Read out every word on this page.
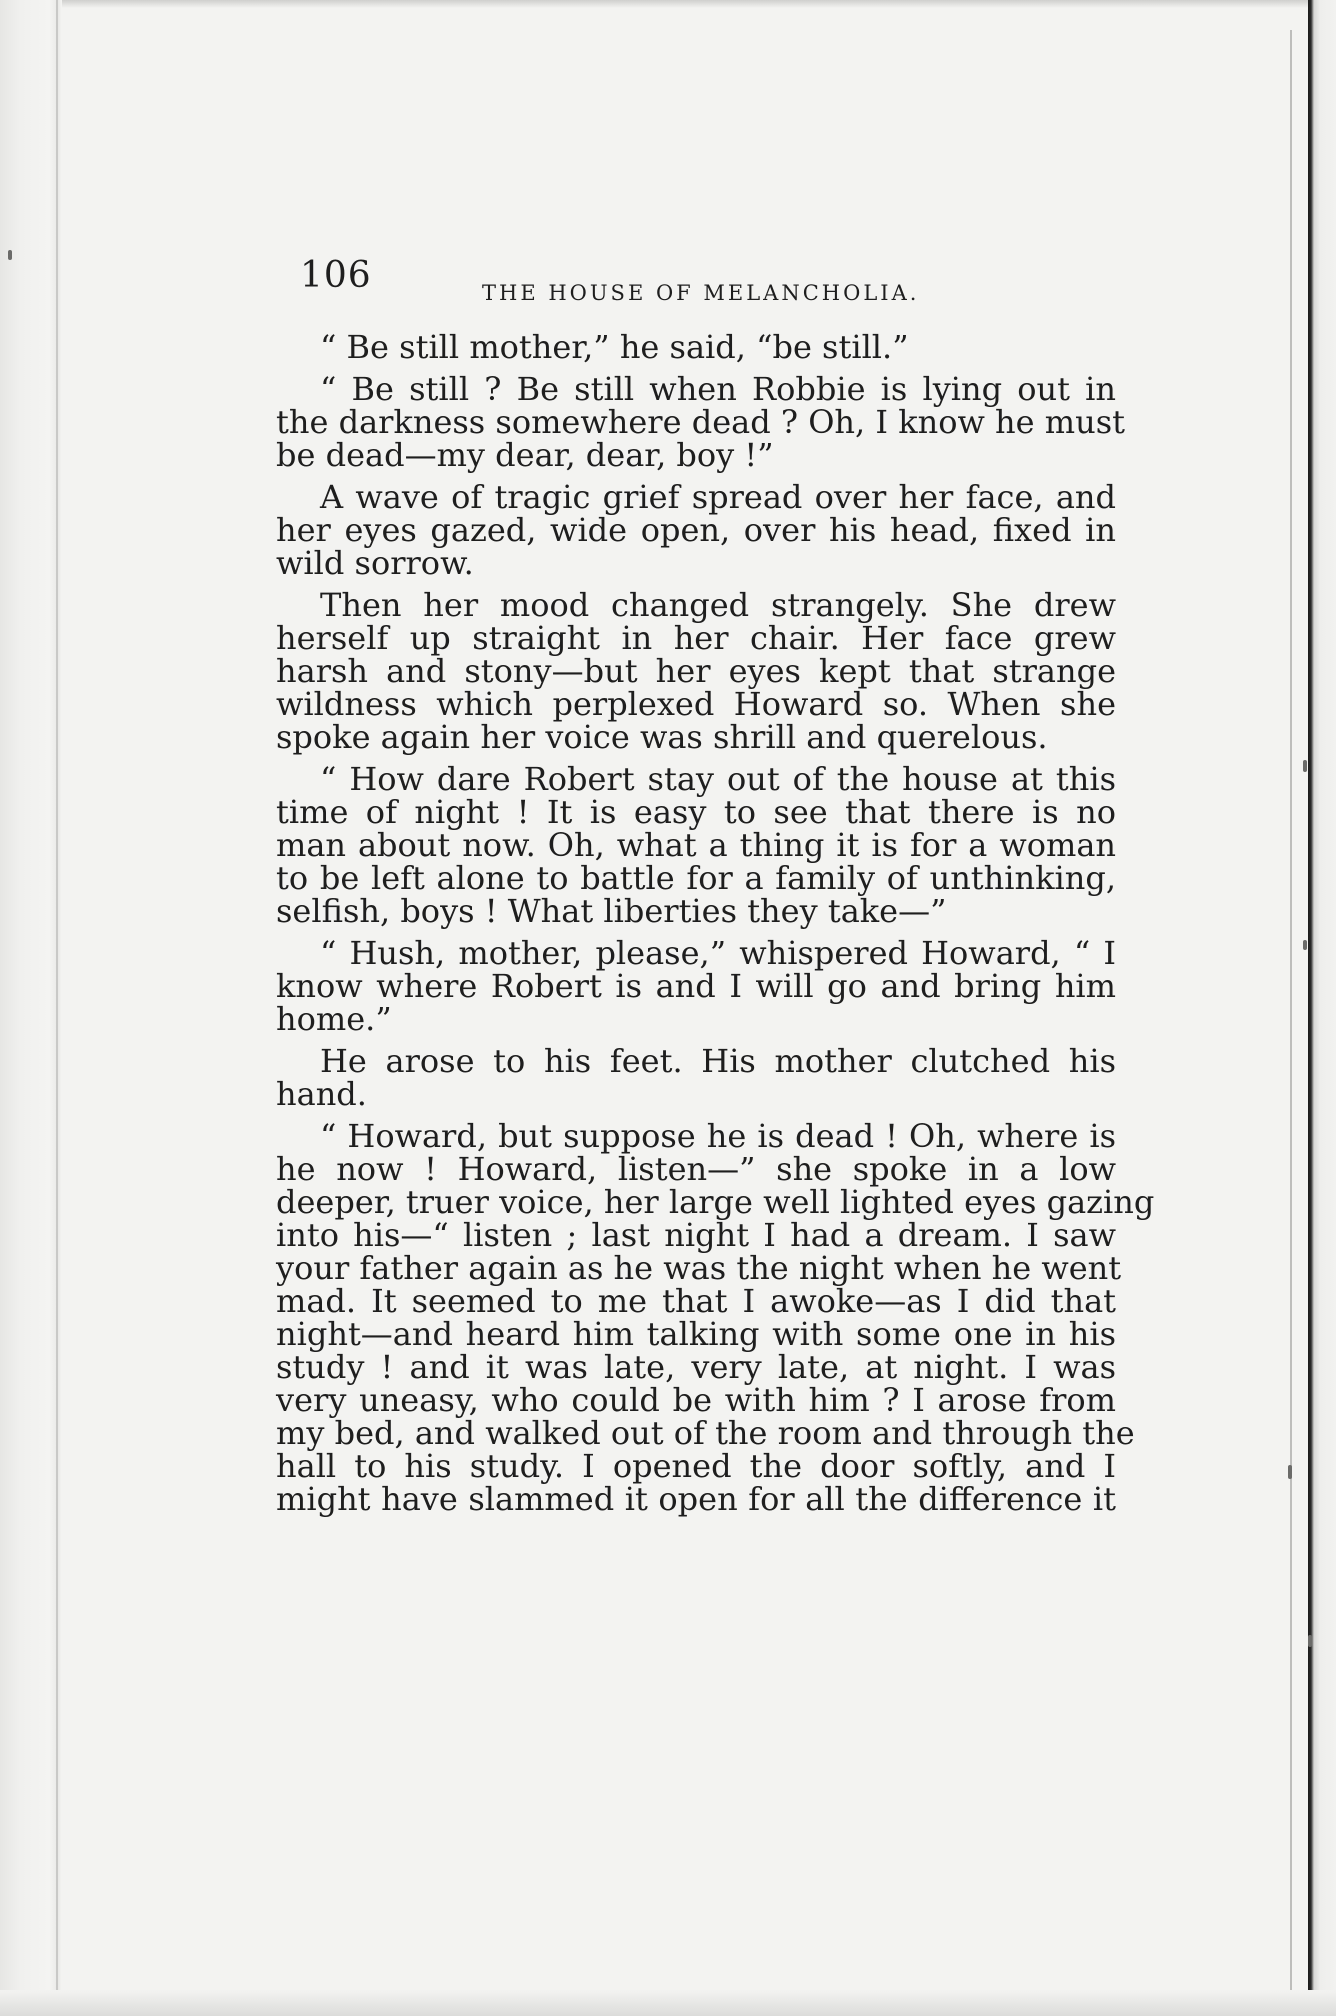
106	THE HOUSE OF MELANCHOLIA.
“ Be still mother,” he said, “be still.”
“ Be still ? Be still when Robbie is lying out in
the darkness somewhere dead ? Oh, I know he must
be dead—my dear, dear, boy !”
A wave of tragic grief spread over her face, and
her eyes gazed, wide open, over his head, fixed in
wild sorrow.
Then her mood changed strangely. She drew
herself up straight in her chair. Her face grew
harsh and stony—but her eyes kept that strange
wildness which perplexed Howard so. When she
spoke again her voice was shrill and querelous.
“ How dare Robert stay out of the house at this
time of night ! It is easy to see that there is no
man about now. Oh, what a thing it is for a woman
to be left alone to battle for a family of unthinking,
selfish, boys ! What liberties they take—”
“ Hush, mother, please,” whispered Howard, “ I
know where Robert is and I will go and bring him
home.”
He arose to his feet. His mother clutched his
hand.
“ Howard, but suppose he is dead ! Oh, where is
he now ! Howard, listen—” she spoke in a low
deeper, truer voice, her large well lighted eyes gazing
into his—“ listen ; last night I had a dream. I saw
your father again as he was the night when he went
mad. It seemed to me that I awoke—as I did that
night—and heard him talking with some one in his
study ! and it was late, very late, at night. I was
very uneasy, who could be with him ? I arose from
my bed, and walked out of the room and through the
hall to his study. I opened the door softly, and I
might have slammed it open for all the difference it
